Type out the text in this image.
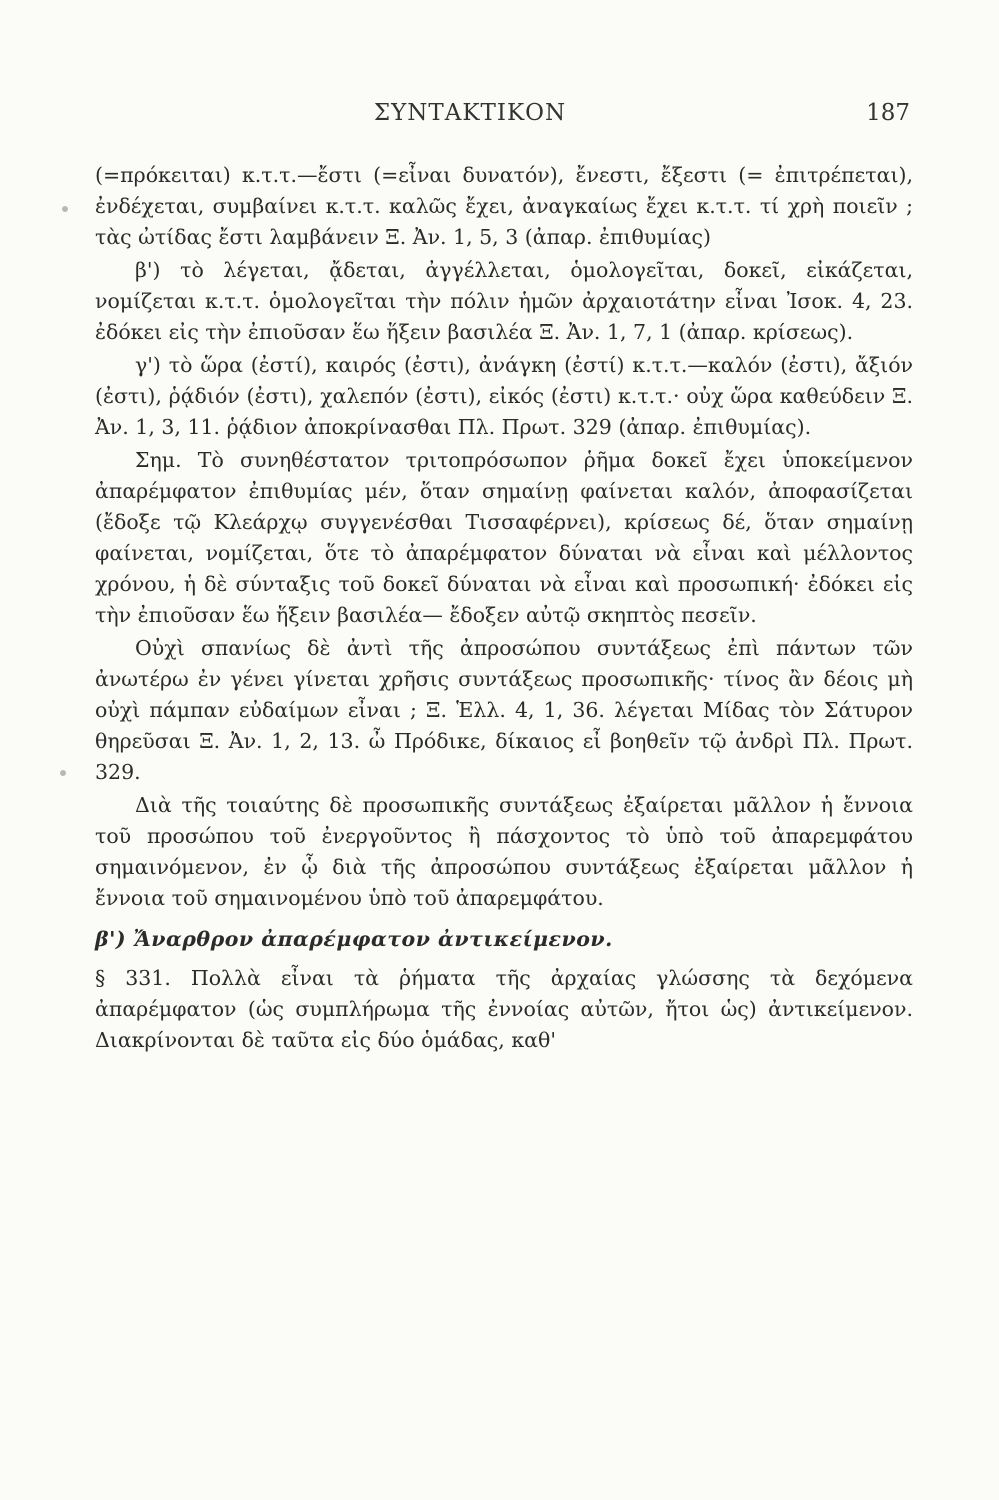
ΣΥΝΤΑΚΤΙΚΟΝ	187

(=πρόκειται) κ.τ.τ.—ἔστι (=εἶναι δυνατόν), ἔνεστι, ἔξεστι (= ἐπιτρέπεται), ἐνδέχεται, συμβαίνει κ.τ.τ. καλῶς ἔχει, ἀναγκαίως ἔχει κ.τ.τ. τί χρὴ ποιεῖν ; τὰς ὠτίδας ἔστι λαμβάνειν Ξ. Ἀν. 1, 5, 3 (ἀπαρ. ἐπιθυμίας)

β') τὸ λέγεται, ᾄδεται, ἀγγέλλεται, ὁμολογεῖται, δοκεῖ, εἰκάζεται, νομίζεται κ.τ.τ. ὁμολογεῖται τὴν πόλιν ἡμῶν ἀρχαιοτάτην εἶναι Ἰσοκ. 4, 23. ἐδόκει εἰς τὴν ἐπιοῦσαν ἕω ἥξειν βασιλέα Ξ. Ἀν. 1, 7, 1 (ἀπαρ. κρίσεως).

γ') τὸ ὥρα (ἐστί), καιρός (ἐστι), ἀνάγκη (ἐστί) κ.τ.τ.—καλόν (ἐστι), ἄξιόν (ἐστι), ῥᾴδιόν (ἐστι), χαλεπόν (ἐστι), εἰκός (ἐστι) κ.τ.τ.· οὐχ ὥρα καθεύδειν Ξ. Ἀν. 1, 3, 11. ῥᾴδιον ἀποκρίνασθαι Πλ. Πρωτ. 329 (ἀπαρ. ἐπιθυμίας).

Σημ. Τὸ συνηθέστατον τριτοπρόσωπον ῥῆμα δοκεῖ ἔχει ὑποκείμενον ἀπαρέμφατον ἐπιθυμίας μέν, ὅταν σημαίνῃ φαίνεται καλόν, ἀποφασίζεται (ἔδοξε τῷ Κλεάρχῳ συγγενέσθαι Τισσαφέρνει), κρίσεως δέ, ὅταν σημαίνῃ φαίνεται, νομίζεται, ὅτε τὸ ἀπαρέμφατον δύναται νὰ εἶναι καὶ μέλλοντος χρόνου, ἡ δὲ σύνταξις τοῦ δοκεῖ δύναται νὰ εἶναι καὶ προσωπική· ἐδόκει εἰς τὴν ἐπιοῦσαν ἕω ἥξειν βασιλέα— ἔδοξεν αὐτῷ σκηπτὸς πεσεῖν.

Οὐχὶ σπανίως δὲ ἀντὶ τῆς ἀπροσώπου συντάξεως ἐπὶ πάντων τῶν ἀνωτέρω ἐν γένει γίνεται χρῆσις συντάξεως προσωπικῆς· τίνος ἂν δέοις μὴ οὐχὶ πάμπαν εὐδαίμων εἶναι ; Ξ. Ἑλλ. 4, 1, 36. λέγεται Μίδας τὸν Σάτυρον θηρεῦσαι Ξ. Ἀν. 1, 2, 13. ὦ Πρόδικε, δίκαιος εἶ βοηθεῖν τῷ ἀνδρὶ Πλ. Πρωτ. 329.

Διὰ τῆς τοιαύτης δὲ προσωπικῆς συντάξεως ἐξαίρεται μᾶλλον ἡ ἔννοια τοῦ προσώπου τοῦ ἐνεργοῦντος ἢ πάσχοντος τὸ ὑπὸ τοῦ ἀπαρεμφάτου σημαινόμενον, ἐν ᾧ διὰ τῆς ἀπροσώπου συντάξεως ἐξαίρεται μᾶλλον ἡ ἔννοια τοῦ σημαινομένου ὑπὸ τοῦ ἀπαρεμφάτου.

β') Ἄναρθρον ἀπαρέμφατον ἀντικείμενον.

§ 331. Πολλὰ εἶναι τὰ ῥήματα τῆς ἀρχαίας γλώσσης τὰ δεχόμενα ἀπαρέμφατον (ὡς συμπλήρωμα τῆς ἐννοίας αὐτῶν, ἤτοι ὡς) ἀντικείμενον. Διακρίνονται δὲ ταῦτα εἰς δύο ὁμάδας, καθ'
